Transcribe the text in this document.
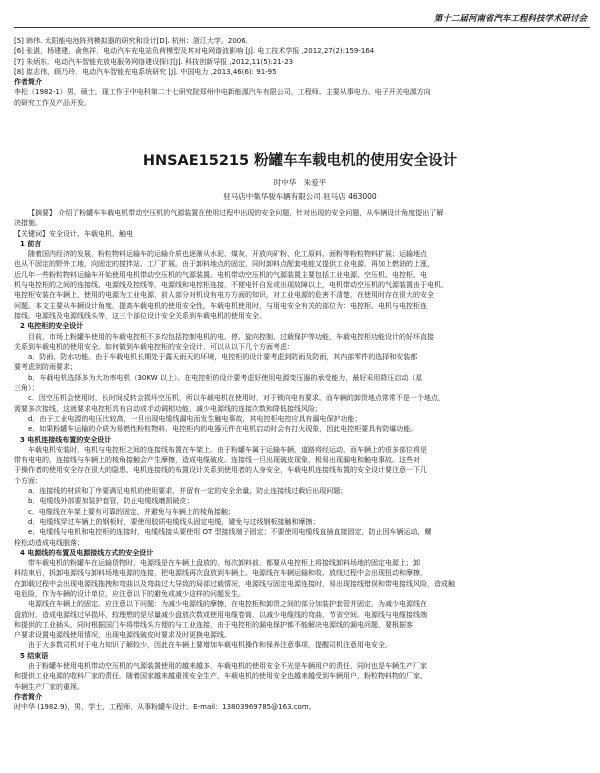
第十二届河南省汽车工程科技学术研讨会

[5] 韩伟. 太阳能电池阵列模拟器的研究和设计[D]. 杭州：浙江大学，2006.

[6] 张湛，杨建建，俞焦祥．电动汽车充电站负荷模型及其对电网谐波影响 [J]. 电工技术学报 ,2012,27(2):159-164

[7] 朱炳东．电动汽车智能充放电服务网络建设探讨[J]. 科技创新导报 ,2012,11(5):21-23

[8] 崔志伟，顾乃玲．电动汽车智能充电系统研究 [J]. 中国电力 ,2013,46(6): 91-95

作者简介

李松（1982-1）男，硕士，现工作于中电科第二十七研究院郑州中电新能源汽车有限公司，工程师。主要从事电力、电子开关电源方向

的研究工作及产品开发。

HNSAE15215 粉罐车车载电机的使用安全设计
时中华　朱爱平
驻马店中集华骏车辆有限公司 驻马店 463000

【摘要】 介绍了粉罐车车载电机带动空压机的气源装置在使用过程中出现的安全问题，针对出现的安全问题，从车辆设计角度提出了解

决措施。

【关键词】安全设计、车载电机、触电

1 前言

随着国内经济的发展，粉粒物料运输车的运输介质也逐渐从水泥、煤灰、开放向矿粉、化工原料、面粉等粉粒物料扩展；运输地点

也从不固定的野外工地，向固定的搅拌站、工厂扩展。由于卸料地点的固定，同时卸料点配套电能又提供工业电源，再加上燃油的上涨，

近几年一些粉粒物料运输车开始使用电机带动空压机的气源装置。电机带动空压机的气源装置主要包括工业电源、空压机、电控柜、电

机与电控柜的之间的连接线、电源线及控线等，电源线和电控柜连接，不便电钎自发或出现故障以上，电机带动空压机的气源装置由于电机、

电控柜安装在车辆上，使用的电源为工业电源，前人部分对机设有电方方面的知识，对工业电源的危害不清楚，在使用时存在很大的安全

问题。本文主要从车辆设计角度，提高车载电机的使用安全性，车载电机使用时，与用电安全有关的部位为：电控柜、电机与电控柜连

接线、电源线及电源线线头等，这三个部位设计安全关系到车载电机的使用安全。

2 电控柜的安全设计

目前，市场上粉罐车使用的车载电控柜不多均包括控制电机的电、停、旋向控制、过载保护等功能，车载电控柜功能设计的好坏直接

关系到车载电机的使用安全。如何做到车载电控柜的安全设计，可以从以下几个方面考虑：

a．防雨、防水功能。由于车载电机长期处于露天雨天的环境，电控柜的设计要考虑到防雨及防雨，其内部零件的选择和安装都

要考虑到防雨要求；

b．车载电机选择多为大功率电机（30KW 以上）。在电控柜的设计要考虑好使用电源变压器的承受能力，最好采用降压启动（星

三角）；

c．因空压机会使用时，长时间反转会损坏空压机，所以车载电机在使用时，对于锁向电有要求。而车辆的卸货地点常常不是一个地点，

需要多次接线，这就要求电控柜具有自动或手动调相功能，减少电源线的连接次数和降低接线风险；

d．由于工业电源的电压比较高，一旦出现电缆线漏电而发生触电事故，其电控柜电控应具有漏电保护功能；

e．如果粉罐车运输的介质为易燃性粉粒物料，电控柜内的电器元件在电机启动时会有打火现象，因此电控柜要具有防爆功能。

3 电机连接线布置的安全设计

车载电机安装时，电机与电控柜之间的连接线布置在车架上。由于粉罐车属于运输车辆，道路将经运动，而车辆上的很多部位将是

带有电电的，连接线与车辆上的棱角接触会产生摩擦，造成电缆破皮。连接线一旦出现破皮现象，极易出现漏电和触电事故。这些对

于操作者的使用安全存在很大的隐患，电机连接线的布置设计关系到使用者的人身安全，车载电机连接线布置的安全设计要注意一下几

个方面：

a．连接线的材质和丁序要满足电机的使用要求，并留有一定的安全余量，防止连接线过载后出现问题；

b．电缆线外部要加装护套管，防止电缆线磨损破皮；

c．电缆线在车架上要有可靠的固定，并避免与车辆上的棱角接触；

d．电缆线穿过车辆上的钢板时，要使用胶质电缆线头固定电缆，避免与过线钢板接触和摩擦；

e．电缆线与电机和电控柜的连接时，电缆线接头要使用 OT 型接线端子固定；不要使用电缆线直插直接固定，防止因车辆运动，螺

栓松动造成电线脱落；

4 电源线的布置及电源接线方式的安全设计

带车载电机的粉罐车在运输货物时，电源线是在车辆上盘放的。每次卸料前，都要从电控柜上将接线卸料场地的固定电源上；卸

料结束后，拆卸电源线与卸料场地电源的连接，把电源线再次盘放到车辆上。电源线在车辆运输和收、放线过程中会出现扭动和摩擦，

在卸载过程中会出现电源线拖拽和弯曲以及弯曲过大导致的局部过载情况，电源线与固定电源连接时，易出现接线错误和带电接线风险，造成触

电危险，作为车辆的设计单位，应注意以下的避免或减少这样的问题发生。

电源线在车辆上的固定。应注意以下问题：为减少电源线的摩擦，在电控柜和卸货之间的部分加装护套管并固定，为减少电源线在

盘放时，造成电源线过早损坏，较理想的是尽量减少盘放次数或使用电缆卷筒，以减少电缆线的弯曲，节省空间。电源线与电缆接线端

和提供的工业插头，同时根据国门车将带线头方便的与工业连接，由于电控柜的漏电保护都不能解决电源线的漏电问题，要根据客

户要求设置电源线使用情况，出现电源线破皮时要求及时更换电源线。

由于大多数司机对于电力知识了解较少，因此在车辆上要增加车载电机操作和保养注意事项，提醒司机注意用电安全。

5 结束语

由于粉罐车使用电机带动空压机的气源装置使用的越来越多，车载电机的使用安全不光是车辆用户的责任，同时也是车辆生产厂家

和提供工业电源的收料厂家的责任。随着国家越来越重视安全生产，车载电机的使用安全也越来越受到车辆用户，粉粒物料物的厂家、

车辆生产厂家的重视。

作者简介

时中华 (1982.9)，男，学士，工程师，从事粉罐车设计。E-mail：13803969785@163.com。
